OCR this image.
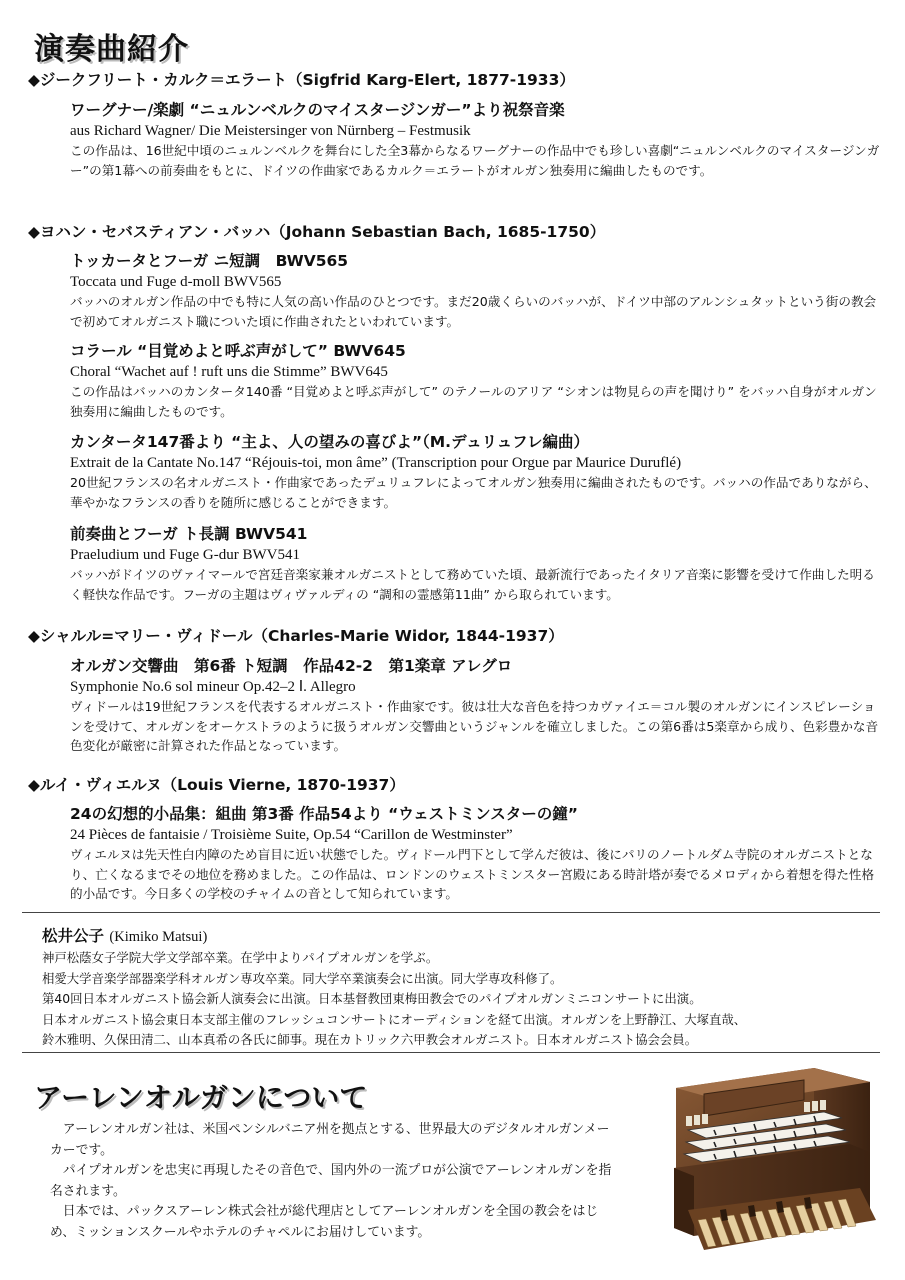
演奏曲紹介
◆ジークフリート・カルク＝エラート（Sigfrid Karg-Elert, 1877-1933）
ワーグナー/楽劇 “ニュルンベルクのマイスタージンガー”より祝祭音楽
aus Richard Wagner/ Die Meistersinger von Nürnberg – Festmusik
この作品は、16世紀中頃のニュルンベルクを舞台にした全3幕からなるワーグナーの作品中でも珍しい喜劇“ニュルンベルクのマイスタージンガー”の第1幕への前奏曲をもとに、ドイツの作曲家であるカルク＝エラートがオルガン独奏用に編曲したものです。
◆ヨハン・セバスティアン・バッハ（Johann Sebastian Bach, 1685-1750）
トッカータとフーガ ニ短調　BWV565
Toccata und Fuge d-moll BWV565
バッハのオルガン作品の中でも特に人気の高い作品のひとつです。まだ20歳くらいのバッハが、ドイツ中部のアルンシュタットという街の教会で初めてオルガニスト職についた頃に作曲されたといわれています。
コラール “目覚めよと呼ぶ声がして” BWV645
Choral “Wachet auf ! ruft uns die Stimme” BWV645
この作品はバッハのカンタータ140番 “目覚めよと呼ぶ声がして” のテノールのアリア “シオンは物見らの声を聞けり” をバッハ自身がオルガン独奏用に編曲したものです。
カンタータ147番より “主よ、人の望みの喜びよ”（M.デュリュフレ編曲）
Extrait de la Cantate No.147 “Réjouis-toi, mon âme” (Transcription pour Orgue par Maurice Duruflé)
20世紀フランスの名オルガニスト・作曲家であったデュリュフレによってオルガン独奏用に編曲されたものです。バッハの作品でありながら、華やかなフランスの香りを随所に感じることができます。
前奏曲とフーガ ト長調 BWV541
Praeludium und Fuge G-dur BWV541
バッハがドイツのヴァイマールで宮廷音楽家兼オルガニストとして務めていた頃、最新流行であったイタリア音楽に影響を受けて作曲した明るく軽快な作品です。フーガの主題はヴィヴァルディの “調和の霊感第11曲” から取られています。
◆シャルル=マリー・ヴィドール（Charles-Marie Widor, 1844-1937）
オルガン交響曲　第6番 ト短調　作品42-2　第1楽章 アレグロ
Symphonie No.6 sol mineur Op.42–2 Ⅰ. Allegro
ヴィドールは19世紀フランスを代表するオルガニスト・作曲家です。彼は壮大な音色を持つカヴァイエ＝コル製のオルガンにインスピレーションを受けて、オルガンをオーケストラのように扱うオルガン交響曲というジャンルを確立しました。この第6番は5楽章から成り、色彩豊かな音色変化が厳密に計算された作品となっています。
◆ルイ・ヴィエルヌ（Louis Vierne, 1870-1937）
24の幻想的小品集：組曲 第3番 作品54より “ウェストミンスターの鐘”
24 Pièces de fantaisie / Troisième Suite, Op.54 “Carillon de Westminster”
ヴィエルヌは先天性白内障のため盲目に近い状態でした。ヴィドール門下として学んだ彼は、後にパリのノートルダム寺院のオルガニストとなり、亡くなるまでその地位を務めました。この作品は、ロンドンのウェストミンスター宮殿にある時計塔が奏でるメロディから着想を得た性格的小品です。今日多くの学校のチャイムの音として知られています。
松井公子 (Kimiko Matsui)
神戸松蔭女子学院大学文学部卒業。在学中よりパイプオルガンを学ぶ。
相愛大学音楽学部器楽学科オルガン専攻卒業。同大学卒業演奏会に出演。同大学専攻科修了。
第40回日本オルガニスト協会新人演奏会に出演。日本基督教団東梅田教会でのパイプオルガンミニコンサートに出演。
日本オルガニスト協会東日本支部主催のフレッシュコンサートにオーディションを経て出演。オルガンを上野静江、大塚直哉、
鈴木雅明、久保田清二、山本真希の各氏に師事。現在カトリック六甲教会オルガニスト。日本オルガニスト協会会員。
アーレンオルガンについて

　アーレンオルガン社は、米国ペンシルバニア州を拠点とする、世界最大のデジタルオルガンメーカーです。

　パイプオルガンを忠実に再現したその音色で、国内外の一流プロが公演でアーレンオルガンを指名されます。

　日本では、パックスアーレン株式会社が総代理店としてアーレンオルガンを全国の教会をはじめ、ミッションスクールやホテルのチャペルにお届けしています。
